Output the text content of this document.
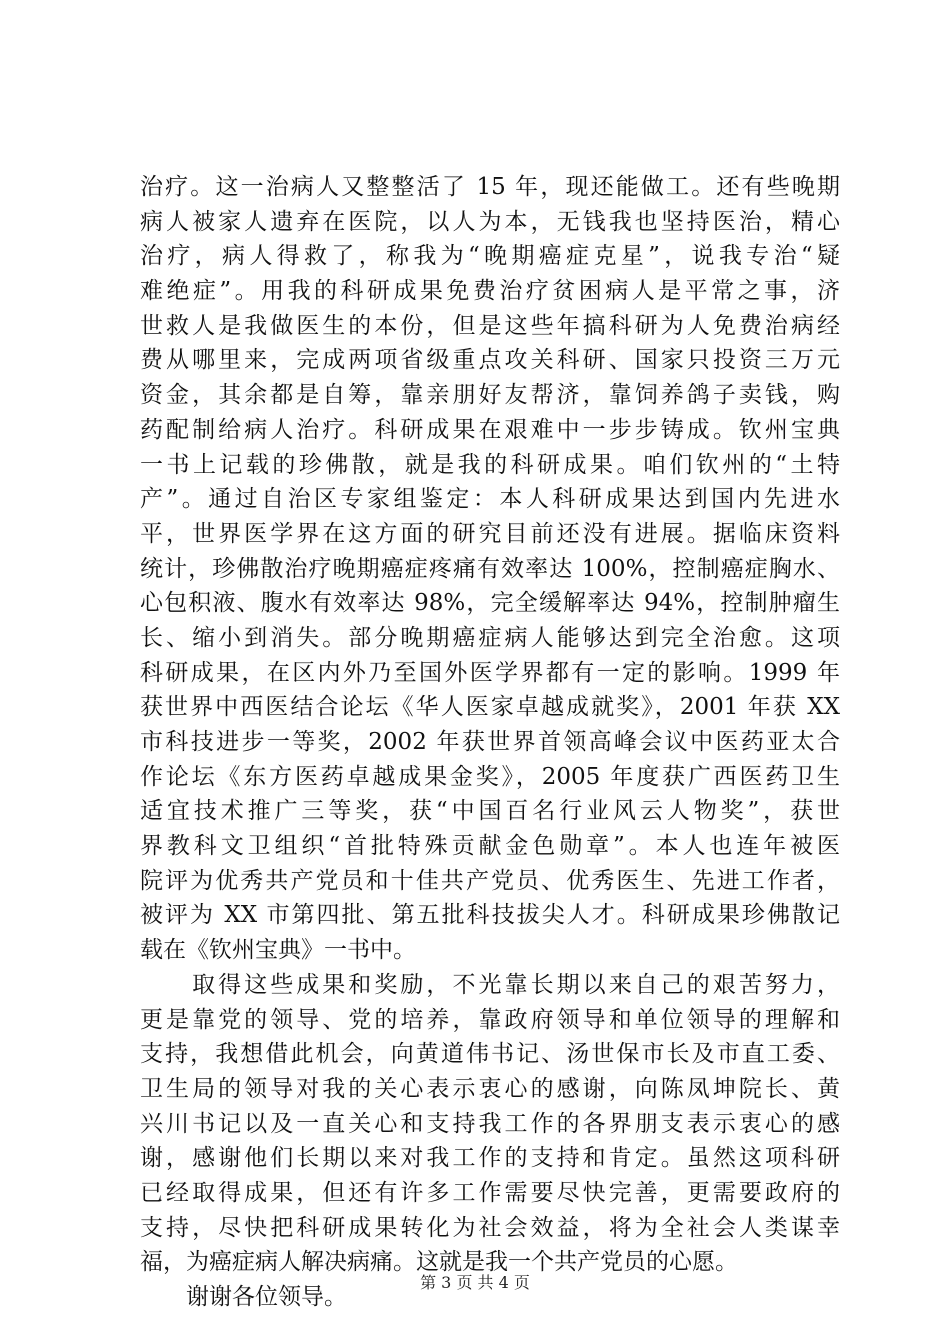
治疗。这一治病人又整整活了 15 年，现还能做工。还有些晚期
病人被家人遗弃在医院，以人为本，无钱我也坚持医治，精心
治疗，病人得救了，称我为“晚期癌症克星”，说我专治“疑
难绝症”。用我的科研成果免费治疗贫困病人是平常之事，济
世救人是我做医生的本份，但是这些年搞科研为人免费治病经
费从哪里来，完成两项省级重点攻关科研、国家只投资三万元
资金，其余都是自筹，靠亲朋好友帮济，靠饲养鸽子卖钱，购
药配制给病人治疗。科研成果在艰难中一步步铸成。钦州宝典
一书上记载的珍佛散，就是我的科研成果。咱们钦州的“土特
产”。通过自治区专家组鉴定：本人科研成果达到国内先进水
平，世界医学界在这方面的研究目前还没有进展。据临床资料
统计，珍佛散治疗晚期癌症疼痛有效率达 100%，控制癌症胸水、
心包积液、腹水有效率达 98%，完全缓解率达 94%，控制肿瘤生
长、缩小到消失。部分晚期癌症病人能够达到完全治愈。这项
科研成果，在区内外乃至国外医学界都有一定的影响。1999 年
获世界中西医结合论坛《华人医家卓越成就奖》，2001 年获 XX
市科技进步一等奖，2002 年获世界首领高峰会议中医药亚太合
作论坛《东方医药卓越成果金奖》，2005 年度获广西医药卫生
适宜技术推广三等奖，获“中国百名行业风云人物奖”，获世
界教科文卫组织“首批特殊贡献金色勋章”。本人也连年被医
院评为优秀共产党员和十佳共产党员、优秀医生、先进工作者，
被评为 XX 市第四批、第五批科技拔尖人才。科研成果珍佛散记
载在《钦州宝典》一书中。
　　取得这些成果和奖励，不光靠长期以来自己的艰苦努力，
更是靠党的领导、党的培养，靠政府领导和单位领导的理解和
支持，我想借此机会，向黄道伟书记、汤世保市长及市直工委、
卫生局的领导对我的关心表示衷心的感谢，向陈凤坤院长、黄
兴川书记以及一直关心和支持我工作的各界朋支表示衷心的感
谢，感谢他们长期以来对我工作的支持和肯定。虽然这项科研
已经取得成果，但还有许多工作需要尽快完善，更需要政府的
支持，尽快把科研成果转化为社会效益，将为全社会人类谋幸
福，为癌症病人解决病痛。这就是我一个共产党员的心愿。
　　谢谢各位领导。
第 3 页 共 4 页
